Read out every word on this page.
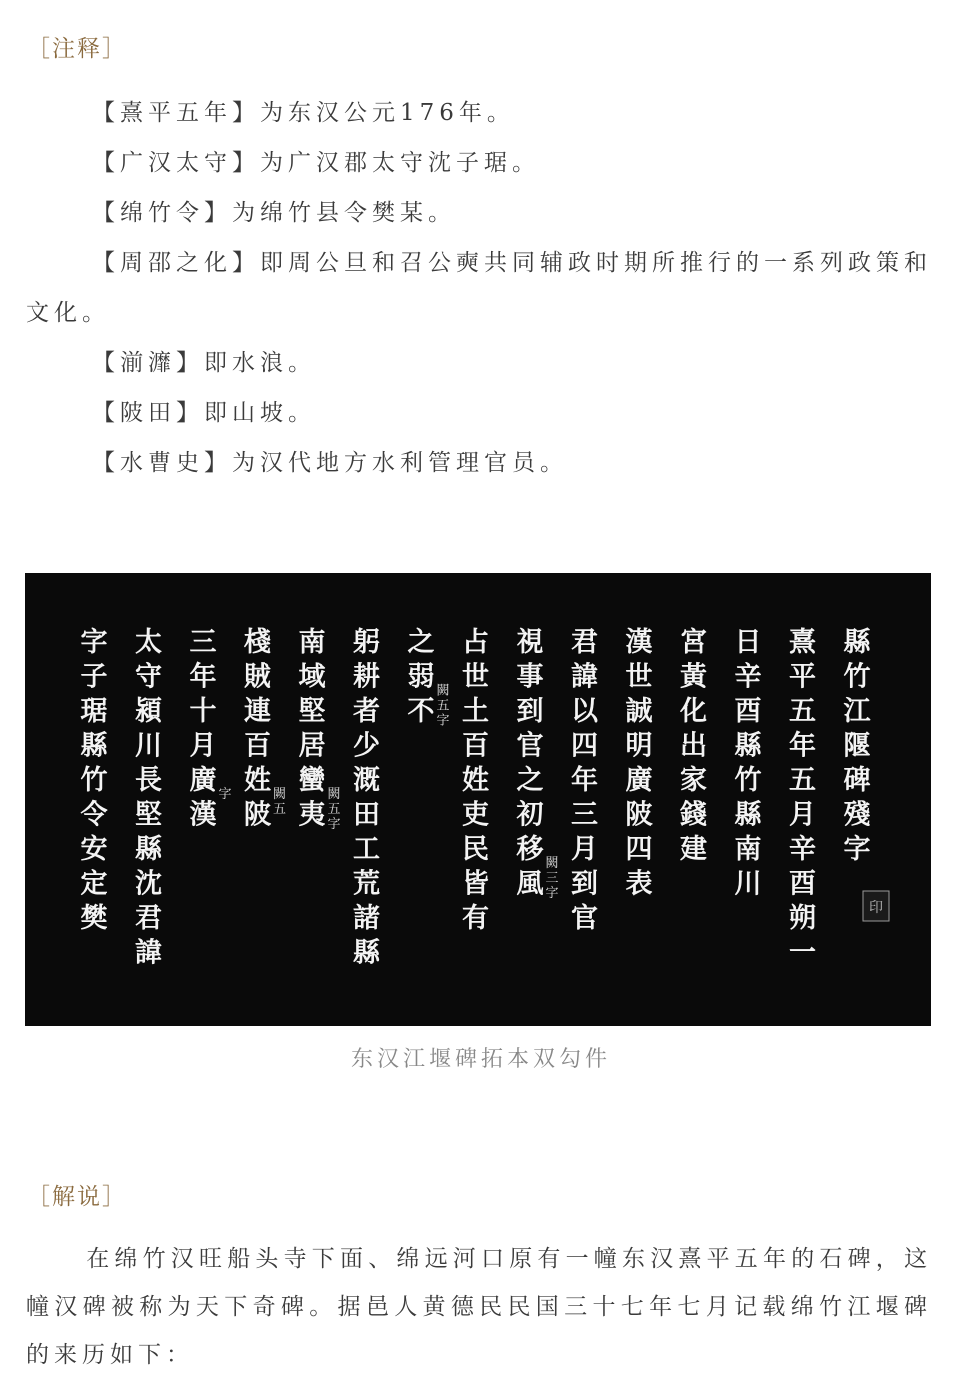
［注释］
【熹平五年】为东汉公元176年。
【广汉太守】为广汉郡太守沈子琚。
【绵竹令】为绵竹县令樊某。
【周邵之化】即周公旦和召公奭共同辅政时期所推行的一系列政策和文化。
【湔灖】即水浪。
【陂田】即山坡。
【水曹史】为汉代地方水利管理官员。
縣竹江隁碑殘字
熹平五年五月辛酉朔一
日辛酉縣竹縣南川
宮黃化出家錢建
漢世誠明廣陂四表
君諱以四年三月到官
視事到官之初移風
闕三字
占世土百姓吏民皆有
之弱不
闕五字
躬耕者少溉田工荒諸縣
南域堅居蠻夷
闕五字
棧賊連百姓陂
闕五
三年十月廣漢
字
太守潁川長堅縣沈君諱
字子琚縣竹令安定樊	印
东汉江堰碑拓本双勾件
［解说］
在绵竹汉旺船头寺下面、绵远河口原有一幢东汉熹平五年的石碑，这幢汉碑被称为天下奇碑。据邑人黄德民民国三十七年七月记载绵竹江堰碑的来历如下：
